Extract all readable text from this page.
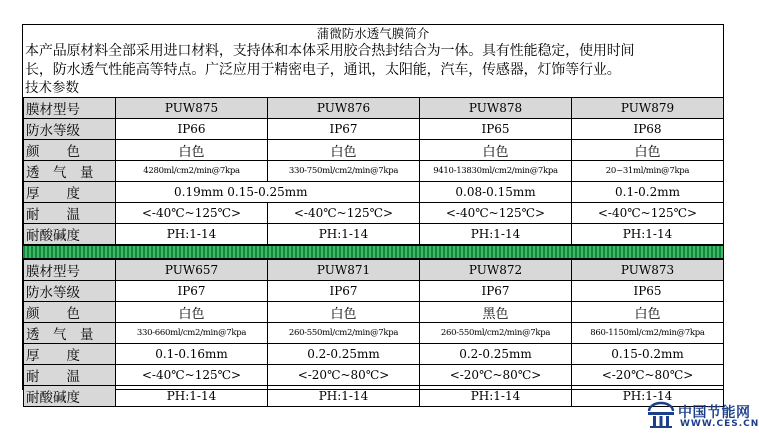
蒲微防水透气膜简介
本产品原材料全部采用进口材料，支持体和本体采用胶合热封结合为一体。具有性能稳定，使用时间
长，防水透气性能高等特点。广泛应用于精密电子，通讯，太阳能，汽车，传感器，灯饰等行业。
技术参数
膜材型号	PUW875	PUW876	PUW878	PUW879
防水等级	IP66	IP67	IP65	IP68
颜　　色	白色	白色	白色	白色
透　气　量	4280ml/cm2/min@7kpa	330-750ml/cm2/min@7kpa	9410-13830ml/cm2/min@7kpa	20~31ml/min@7kpa
厚　　度	0.19mm 0.15-0.25mm		0.08-0.15mm	0.1-0.2mm
耐　　温	<-40℃~125℃>	<-40℃~125℃>	<-40℃~125℃>	<-40℃~125℃>
耐酸碱度	PH:1-14	PH:1-14	PH:1-14	PH:1-14
膜材型号	PUW657	PUW871	PUW872	PUW873
防水等级	IP67	IP67	IP67	IP65
颜　　色	白色	白色	黑色	白色
透　气　量	330-660ml/cm2/min@7kpa	260-550ml/cm2/min@7kpa	260-550ml/cm2/min@7kpa	860-1150ml/cm2/min@7kpa
厚　　度	0.1-0.16mm	0.2-0.25mm	0.2-0.25mm	0.15-0.2mm
耐　　温	<-40℃~125℃>	<-20℃~80℃>	<-20℃~80℃>	<-20℃~80℃>
耐酸碱度	PH:1-14	PH:1-14	PH:1-14	PH:1-14
中国节能网
WWW.CES.CN
